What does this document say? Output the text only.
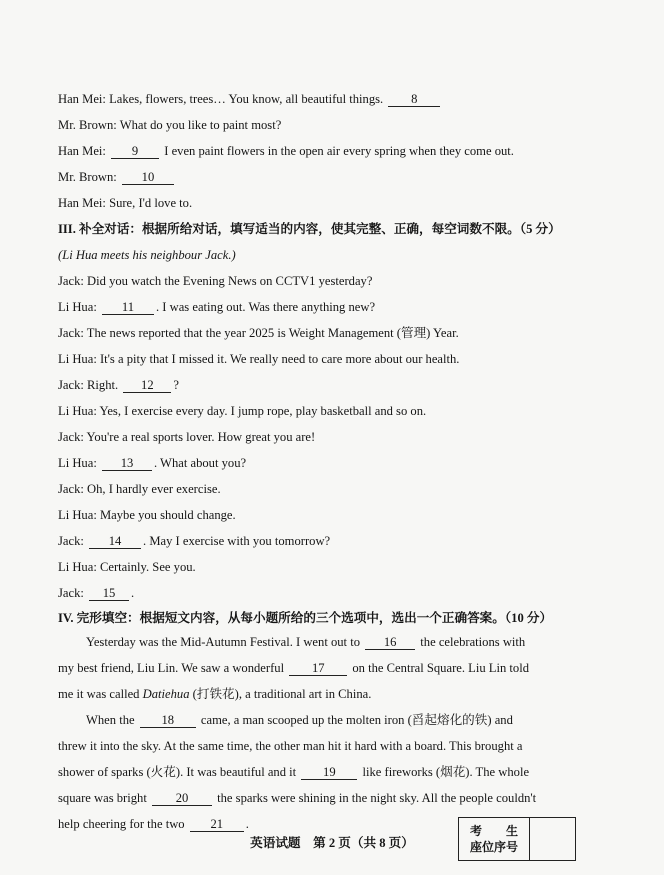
Han Mei: Lakes, flowers, trees… You know, all beautiful things. 8
Mr. Brown: What do you like to paint most?
Han Mei: 9 I even paint flowers in the open air every spring when they come out.
Mr. Brown: 10
Han Mei: Sure, I'd love to.
III. 补全对话：根据所给对话，填写适当的内容，使其完整、正确，每空词数不限。（5 分）
(Li Hua meets his neighbour Jack.)
Jack: Did you watch the Evening News on CCTV1 yesterday?
Li Hua: 11 . I was eating out. Was there anything new?
Jack: The news reported that the year 2025 is Weight Management (管理) Year.
Li Hua: It's a pity that I missed it. We really need to care more about our health.
Jack: Right. 12 ?
Li Hua: Yes, I exercise every day. I jump rope, play basketball and so on.
Jack: You're a real sports lover. How great you are!
Li Hua: 13 . What about you?
Jack: Oh, I hardly ever exercise.
Li Hua: Maybe you should change.
Jack: 14 . May I exercise with you tomorrow?
Li Hua: Certainly. See you.
Jack: 15 .
IV. 完形填空：根据短文内容，从每小题所给的三个选项中，选出一个正确答案。（10 分）
Yesterday was the Mid-Autumn Festival. I went out to 16 the celebrations with
my best friend, Liu Lin. We saw a wonderful 17 on the Central Square. Liu Lin told
me it was called Datiehua (打铁花), a traditional art in China.
When the 18 came, a man scooped up the molten iron (舀起熔化的铁) and
threw it into the sky. At the same time, the other man hit it hard with a board. This brought a
shower of sparks (火花). It was beautiful and it 19 like fireworks (烟花). The whole
square was bright 20 the sparks were shining in the night sky. All the people couldn't
help cheering for the two 21 .
英语试题　第 2 页（共 8 页）
考　　生
座位序号
